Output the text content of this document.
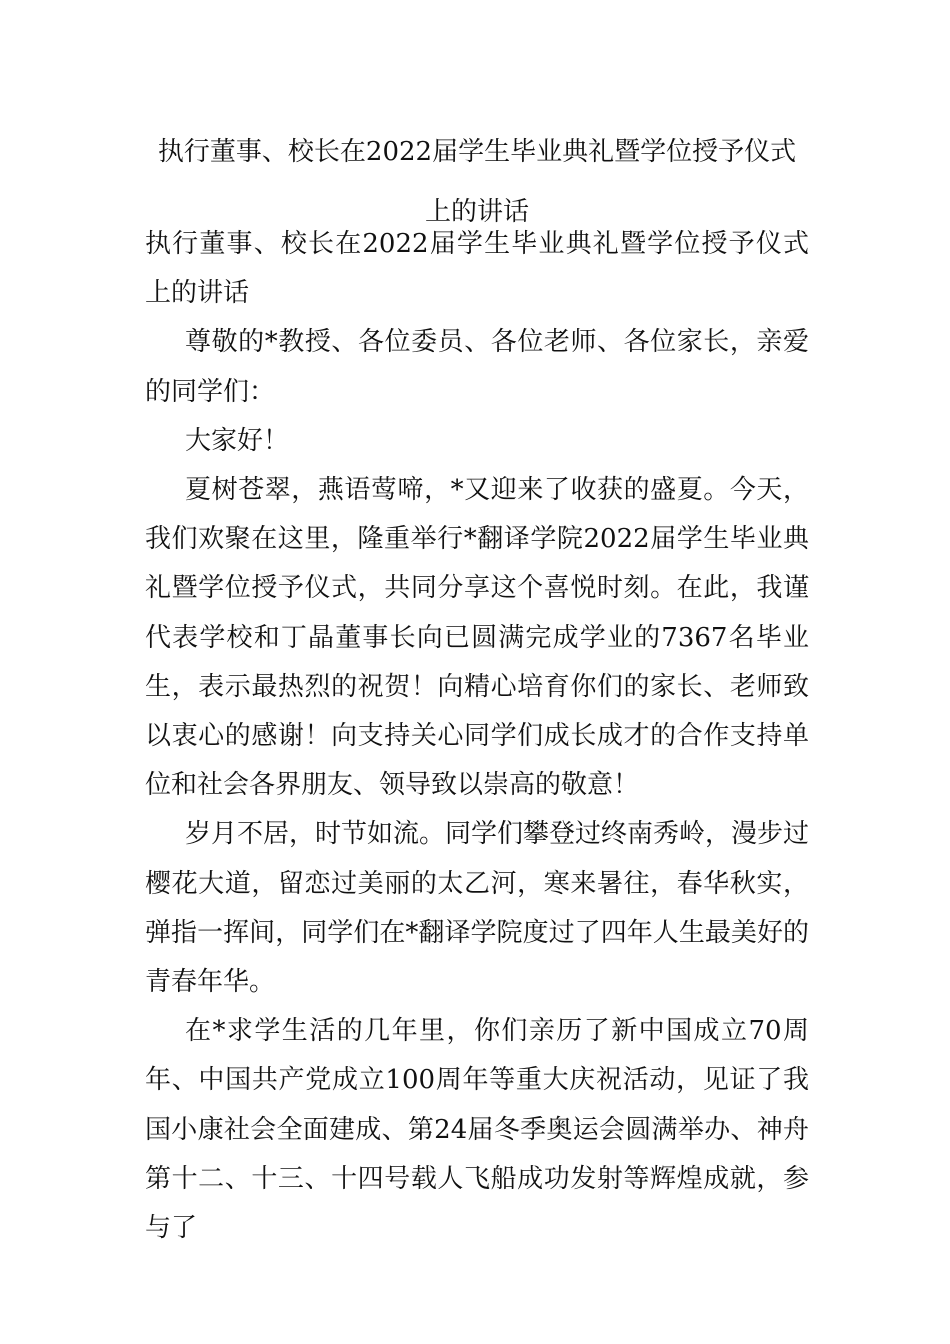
执行董事、校长在2022届学生毕业典礼暨学位授予仪式上的讲话

执行董事、校长在2022届学生毕业典礼暨学位授予仪式上的讲话

尊敬的*教授、各位委员、各位老师、各位家长，亲爱的同学们：

大家好！

夏树苍翠，燕语莺啼，*又迎来了收获的盛夏。今天，我们欢聚在这里，隆重举行*翻译学院2022届学生毕业典礼暨学位授予仪式，共同分享这个喜悦时刻。在此，我谨代表学校和丁晶董事长向已圆满完成学业的7367名毕业生，表示最热烈的祝贺！向精心培育你们的家长、老师致以衷心的感谢！向支持关心同学们成长成才的合作支持单位和社会各界朋友、领导致以崇高的敬意！

岁月不居，时节如流。同学们攀登过终南秀岭，漫步过樱花大道，留恋过美丽的太乙河，寒来暑往，春华秋实，弹指一挥间，同学们在*翻译学院度过了四年人生最美好的青春年华。

在*求学生活的几年里，你们亲历了新中国成立70周年、中国共产党成立100周年等重大庆祝活动，见证了我国小康社会全面建成、第24届冬季奥运会圆满举办、神舟第十二、十三、十四号载人飞船成功发射等辉煌成就，参与了
